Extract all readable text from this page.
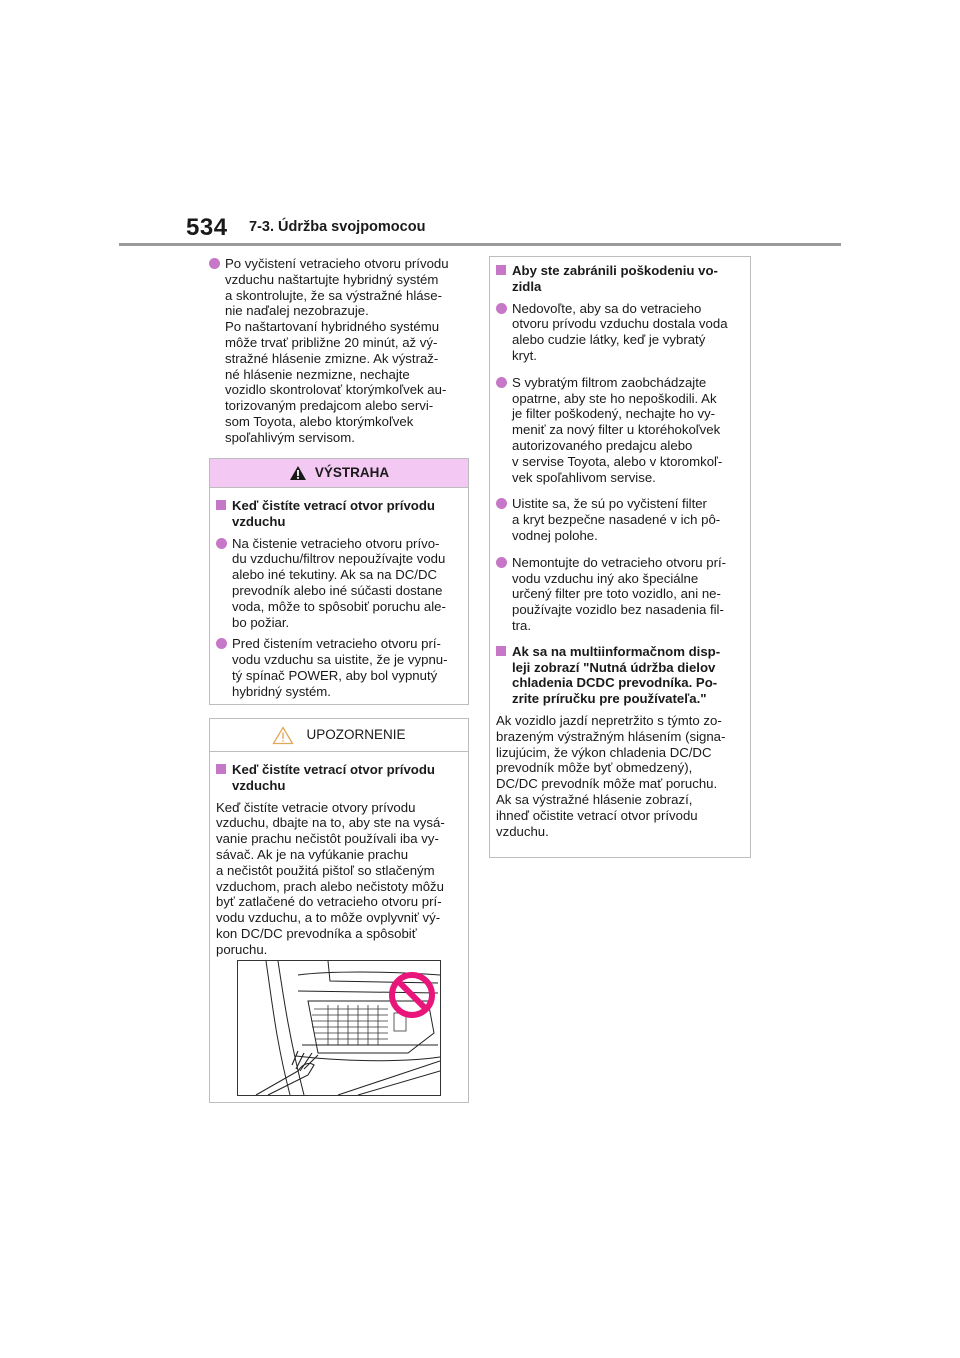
534 7-3. Údržba svojpomocou
Po vyčistení vetracieho otvoru prívodu
vzduchu naštartujte hybridný systém
a skontrolujte, že sa výstražné hláse-
nie naďalej nezobrazuje.
Po naštartovaní hybridného systému
môže trvať približne 20 minút, až vý-
stražné hlásenie zmizne. Ak výstraž-
né hlásenie nezmizne, nechajte
vozidlo skontrolovať ktorýmkoľvek au-
torizovaným predajcom alebo servi-
som Toyota, alebo ktorýmkoľvek
spoľahlivým servisom.
VÝSTRAHA
Keď čistíte vetrací otvor prívodu
vzduchu
Na čistenie vetracieho otvoru prívo-
du vzduchu/filtrov nepoužívajte vodu
alebo iné tekutiny. Ak sa na DC/DC
prevodník alebo iné súčasti dostane
voda, môže to spôsobiť poruchu ale-
bo požiar.
Pred čistením vetracieho otvoru prí-
vodu vzduchu sa uistite, že je vypnu-
tý spínač POWER, aby bol vypnutý
hybridný systém.
UPOZORNENIE
Keď čistíte vetrací otvor prívodu
vzduchu
Keď čistíte vetracie otvory prívodu
vzduchu, dbajte na to, aby ste na vysá-
vanie prachu nečistôt používali iba vy-
sávač. Ak je na vyfúkanie prachu
a nečistôt použitá pištoľ so stlačeným
vzduchom, prach alebo nečistoty môžu
byť zatlačené do vetracieho otvoru prí-
vodu vzduchu, a to môže ovplyvniť vý-
kon DC/DC prevodníka a spôsobiť
poruchu.
Aby ste zabránili poškodeniu vo-
zidla
Nedovoľte, aby sa do vetracieho
otvoru prívodu vzduchu dostala voda
alebo cudzie látky, keď je vybratý
kryt.
S vybratým filtrom zaobchádzajte
opatrne, aby ste ho nepoškodili. Ak
je filter poškodený, nechajte ho vy-
meniť za nový filter u ktoréhokoľvek
autorizovaného predajcu alebo
v servise Toyota, alebo v ktoromkoľ-
vek spoľahlivom servise.
Uistite sa, že sú po vyčistení filter
a kryt bezpečne nasadené v ich pô-
vodnej polohe.
Nemontujte do vetracieho otvoru prí-
vodu vzduchu iný ako špeciálne
určený filter pre toto vozidlo, ani ne-
používajte vozidlo bez nasadenia fil-
tra.
Ak sa na multiinformačnom disp-
leji zobrazí "Nutná údržba dielov
chladenia DCDC prevodníka. Po-
zrite príručku pre používateľa."
Ak vozidlo jazdí nepretržito s týmto zo-
brazeným výstražným hlásením (signa-
lizujúcim, že výkon chladenia DC/DC
prevodník môže byť obmedzený),
DC/DC prevodník môže mať poruchu.
Ak sa výstražné hlásenie zobrazí,
ihneď očistite vetrací otvor prívodu
vzduchu.
